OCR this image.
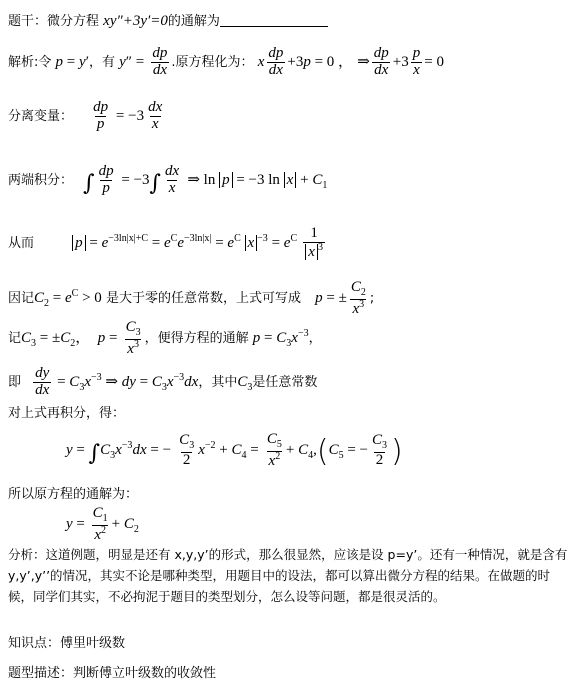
题干：微分方程 xy″+3y′=0的通解为
解析:令 p = y′，有 $y'' = \frac{dp}{dx}$ .原方程化为： x $\frac{dp}{dx} +3p = 0$ ， ⇒ $\frac{dp}{dx} +3 \frac{p}{x} = 0$
分离变量： $\frac{dp}{p} = -3 \frac{dx}{x}$
两端积分： ∫ $\frac{dp}{p} = -3\int \frac{dx}{x}$ ⇒ ln p = −3 $\ln x + C_1$
从而	$p = e^{-3ln|x|+C} = e^Ce^{-3ln|x|} = e^C$ x $^{-3} = e^C \frac{1}{x ^3}$
因记$C_2 = e^C > 0$ 是大于零的任意常数，上式可写成 p = ± $\frac{C_2}{x^3}$ ;
记$C_3 = \pm C_2$，  $p = \frac{C_3}{x^3}$ ，便得方程的通解 $p = C_3x^{-3}$，
即 $\frac{dy}{dx} = C_3x^{-3}$ ⇒ dy = $C_3x^{-3}dx$，其中$C_3$是任意常数
对上式再积分，得：
$y = \int C_3x^{-3}dx$ = − $\frac{C_3}{2} x^{-2} + C_4 = \frac{C_5}{x^2} + C_4,(C_5$ = − $\frac{C_3}{2}$ )
所以原方程的通解为：
$y = \frac{C_1}{x^2} + C_2$
分析：这道例题，明显是还有 x,y,y’的形式，那么很显然，应该是设 p=y’。还有一种情况，就是含有 y,y’,y’’的情况，其实不论是哪种类型，用题目中的设法，都可以算出微分方程的结果。在做题的时候，同学们其实，不必拘泥于题目的类型划分，怎么设等问题，都是很灵活的。
知识点：傅里叶级数
题型描述：判断傅立叶级数的收敛性
